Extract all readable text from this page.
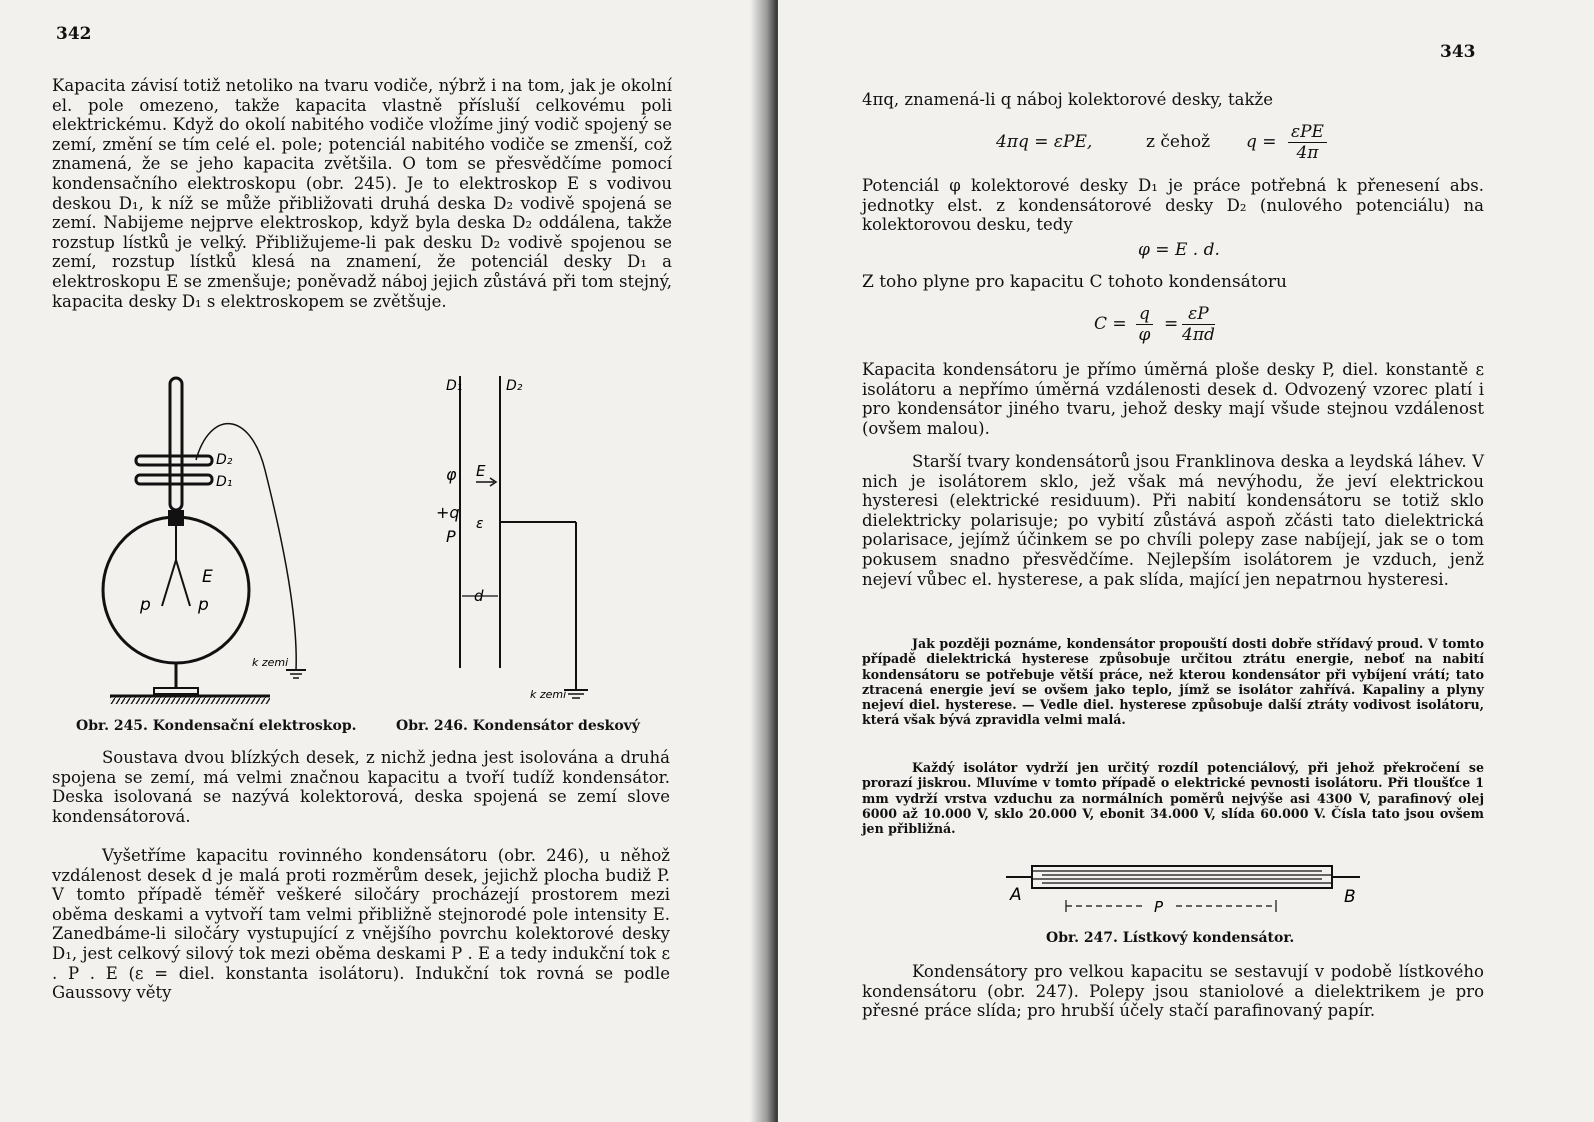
342
Kapacita závisí totiž netoliko na tvaru vodiče, nýbrž i na tom, jak je okolní el. pole omezeno, takže kapacita vlastně přísluší celkovému poli elektrickému. Když do okolí nabitého vodiče vložíme jiný vodič spojený se zemí, změní se tím celé el. pole; potenciál nabitého vodiče se zmenší, což znamená, že se jeho kapacita zvětšila. O tom se přesvědčíme pomocí kondensačního elektroskopu (obr. 245). Je to elektroskop E s vodivou deskou D₁, k níž se může přibližovati druhá deska D₂ vodivě spojená se zemí. Nabijeme nejprve elektroskop, když byla deska D₂ oddálena, takže rozstup lístků je velký. Přibližujeme-li pak desku D₂ vodivě spojenou se zemí, rozstup lístků klesá na znamení, že potenciál desky D₁ a elektroskopu E se zmenšuje; poněvadž náboj jejich zůstává při tom stejný, kapacita desky D₁ s elektroskopem se zvětšuje.
D₂
D₁
E
p	p
k zemi
Obr. 245. Kondensační elektroskop.
D₁	D₂
φ E
+q
P
ε
d
k zemi
Obr. 246. Kondensátor deskový
Soustava dvou blízkých desek, z nichž jedna jest isolována a druhá spojena se zemí, má velmi značnou kapacitu a tvoří tudíž kondensátor. Deska isolovaná se nazývá kolektorová, deska spojená se zemí slove kondensátorová.
Vyšetříme kapacitu rovinného kondensátoru (obr. 246), u něhož vzdálenost desek d je malá proti rozměrům desek, jejichž plocha budiž P. V tomto případě téměř veškeré siločáry procházejí prostorem mezi oběma deskami a vytvoří tam velmi přibližně stejnorodé pole intensity E. Zanedbáme-li siločáry vystupující z vnějšího povrchu kolektorové desky D₁, jest celkový silový tok mezi oběma deskami P . E a tedy indukční tok ε . P . E (ε = diel. konstanta isolátoru). Indukční tok rovná se podle Gaussovy věty
343
4πq, znamená-li q náboj kolektorové desky, takže
4πq = εPE,	z čehož q = εPE
4π
Potenciál φ kolektorové desky D₁ je práce potřebná k přenesení abs. jednotky elst. z kondensátorové desky D₂ (nulového potenciálu) na kolektorovou desku, tedy
φ = E . d.
Z toho plyne pro kapacitu C tohoto kondensátoru
$C = \frac{q}{\varphi} = \frac{\varepsilon P}{4\pi d}$
Kapacita kondensátoru je přímo úměrná ploše desky P, diel. konstantě ε isolátoru a nepřímo úměrná vzdálenosti desek d. Odvozený vzorec platí i pro kondensátor jiného tvaru, jehož desky mají všude stejnou vzdálenost (ovšem malou).
Starší tvary kondensátorů jsou Franklinova deska a leydská láhev. V nich je isolátorem sklo, jež však má nevýhodu, že jeví elektrickou hysteresi (elektrické residuum). Při nabití kondensátoru se totiž sklo dielektricky polarisuje; po vybití zůstává aspoň zčásti tato dielektrická polarisace, jejímž účinkem se po chvíli polepy zase nabíjejí, jak se o tom pokusem snadno přesvědčíme. Nejlepším isolátorem je vzduch, jenž nejeví vůbec el. hysterese, a pak slída, mající jen nepatrnou hysteresi.
Jak později poznáme, kondensátor propouští dosti dobře střídavý proud. V tomto případě dielektrická hysterese způsobuje určitou ztrátu energie, neboť na nabití kondensátoru se potřebuje větší práce, než kterou kondensátor při vybíjení vrátí; tato ztracená energie jeví se ovšem jako teplo, jímž se isolátor zahřívá. Kapaliny a plyny nejeví diel. hysterese. — Vedle diel. hysterese způsobuje další ztráty vodivost isolátoru, která však bývá zpravidla velmi malá.
Každý isolátor vydrží jen určitý rozdíl potenciálový, při jehož překročení se prorazí jiskrou. Mluvíme v tomto případě o elektrické pevnosti isolátoru. Při tloušťce 1 mm vydrží vrstva vzduchu za normálních poměrů nejvýše asi 4300 V, parafinový olej 6000 až 10.000 V, sklo 20.000 V, ebonit 34.000 V, slída 60.000 V. Čísla tato jsou ovšem jen přibližná.
A	B
P
Obr. 247. Lístkový kondensátor.
Kondensátory pro velkou kapacitu se sestavují v podobě lístkového kondensátoru (obr. 247). Polepy jsou staniolové a dielektrikem je pro přesné práce slída; pro hrubší účely stačí parafinovaný papír.
